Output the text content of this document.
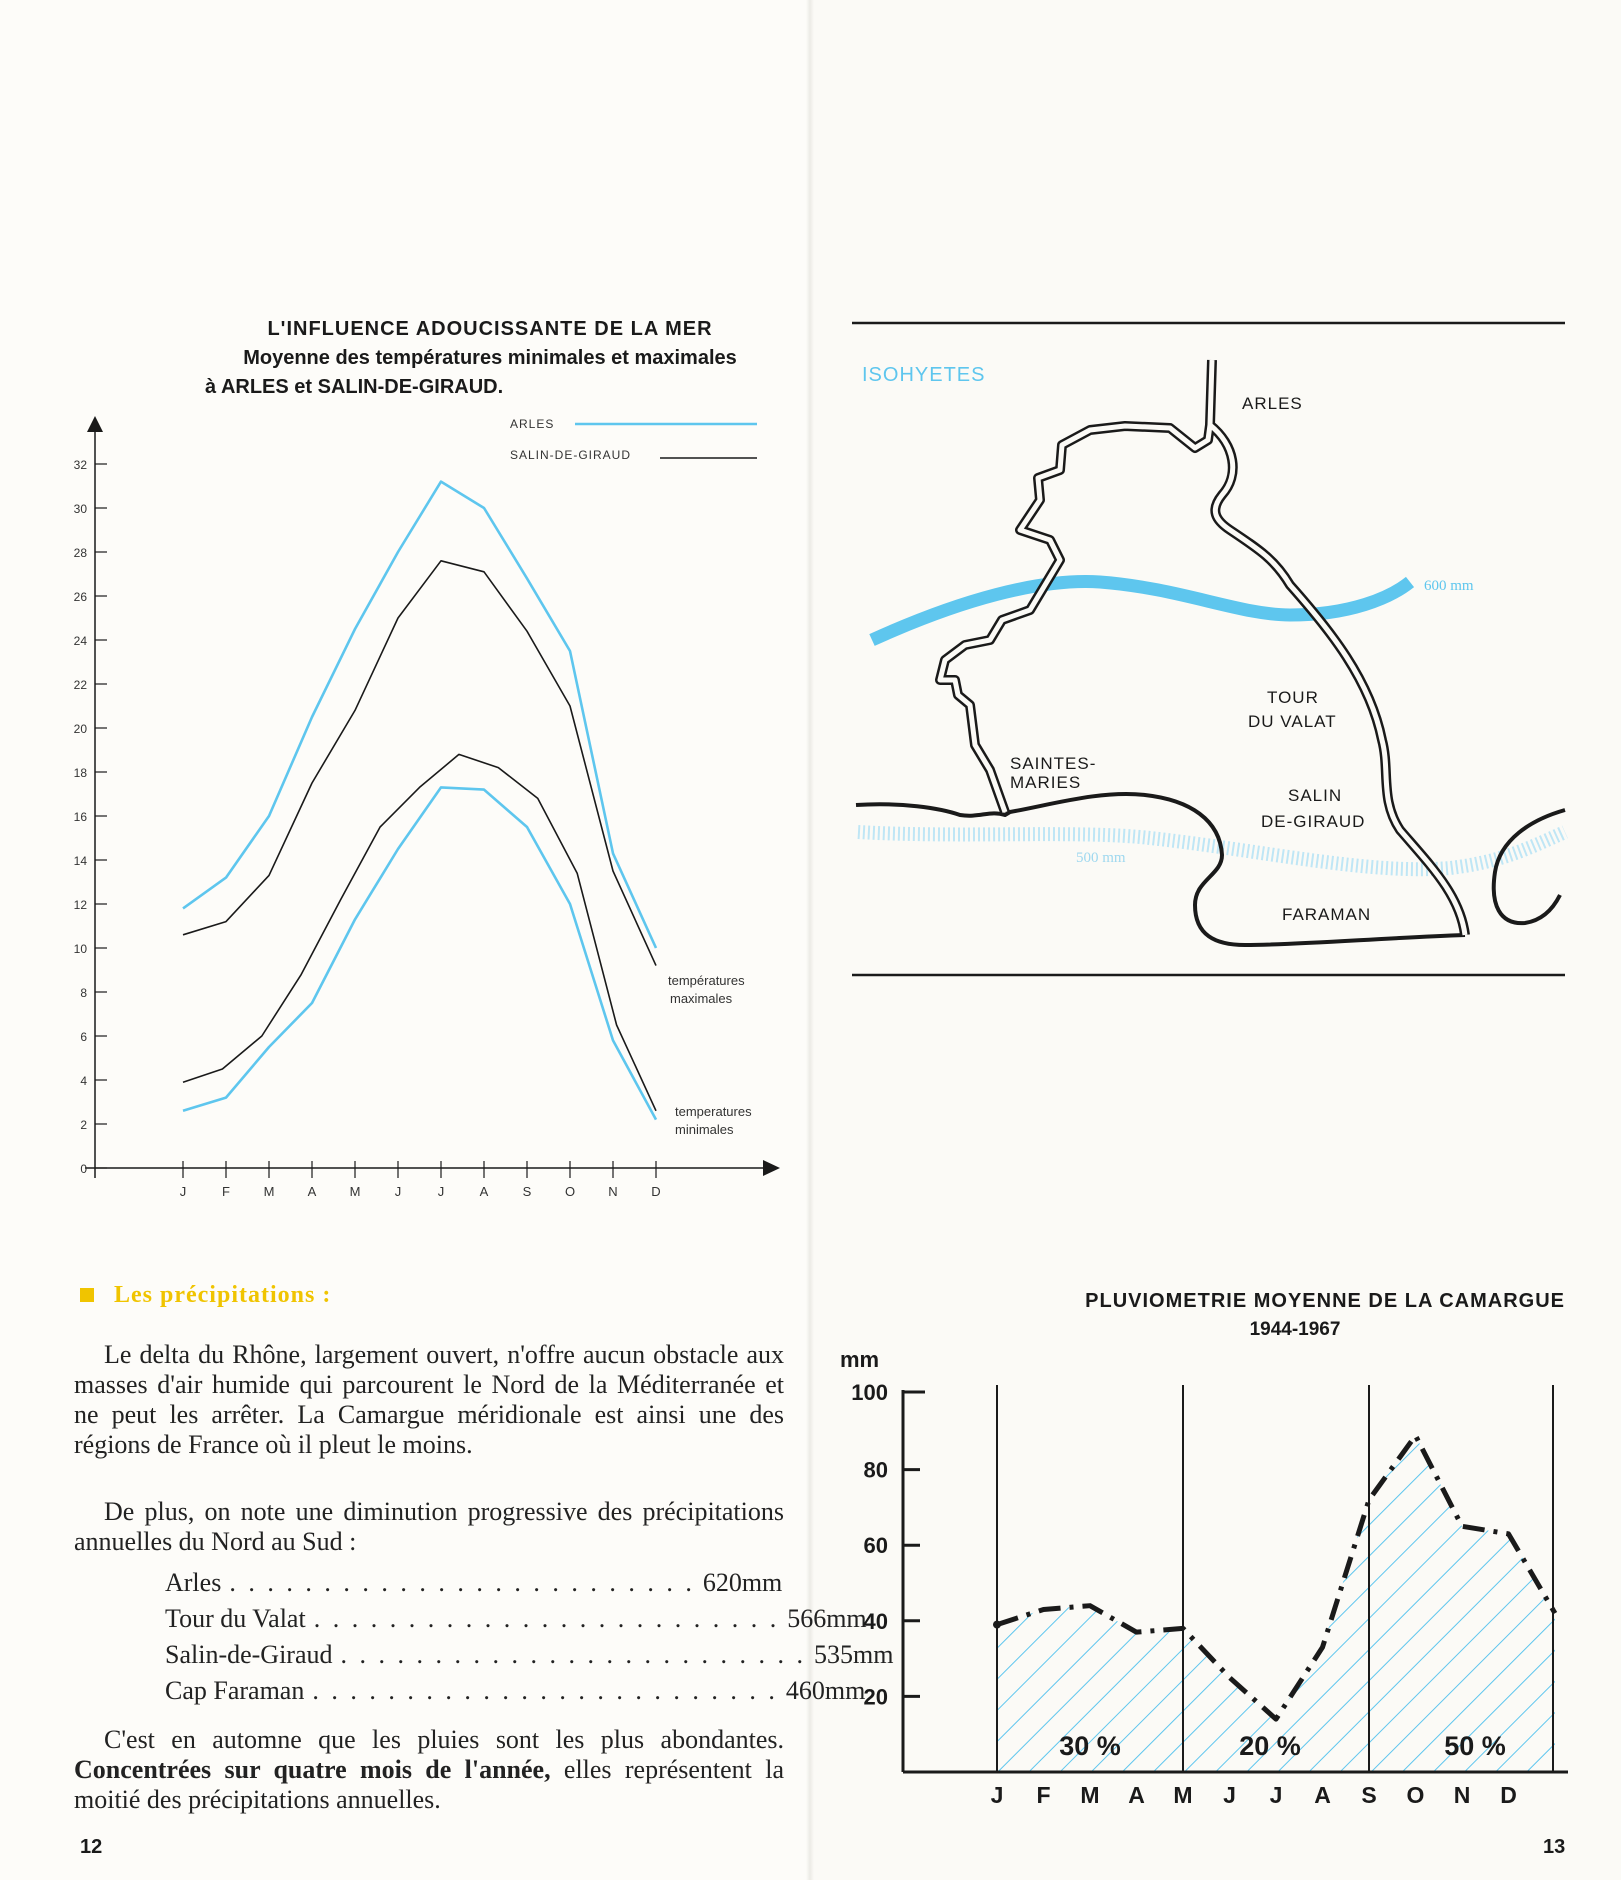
L'INFLUENCE ADOUCISSANTE DE LA MER
Moyenne des températures minimales et maximales
à ARLES et SALIN-DE-GIRAUD.
0
2
4
6
8
10
12
14
16
18
20
22
24
26
28
30
32
J	F	M	A	M	J	J	A	S	O	N	D
ARLES
SALIN-DE-GIRAUD
températures
maximales
temperatures
minimales
Les précipitations :
Le delta du Rhône, largement ouvert, n'offre aucun obstacle aux masses d'air humide qui parcourent le Nord de la Méditerranée et ne peut les arrêter. La Camargue méridionale est ainsi une des régions de France où il pleut le moins.
De plus, on note une diminution progressive des précipitations annuelles du Nord au Sud :
Arles . . . . . . . . . . . . . . . . . . . . . . . . . 620 mm
Tour du Valat . . . . . . . . . . . . . . . . . . . . . . . . . 566 mm
Salin-de-Giraud . . . . . . . . . . . . . . . . . . . . . . . . . 535 mm
Cap Faraman . . . . . . . . . . . . . . . . . . . . . . . . . 460 mm
C'est en automne que les pluies sont les plus abondantes. Concentrées sur quatre mois de l'année, elles représentent la moitié des précipitations annuelles.
12
ISOHYETES
ARLES
TOUR
DU VALAT
SAINTES-
MARIES
SALIN
DE-GIRAUD
FARAMAN
600 mm
500 mm
PLUVIOMETRIE MOYENNE DE LA CAMARGUE
1944-1967
mm
20
40
60
80
100
J F M A M J J A S O N D
30 %	20 %	50 %
13
